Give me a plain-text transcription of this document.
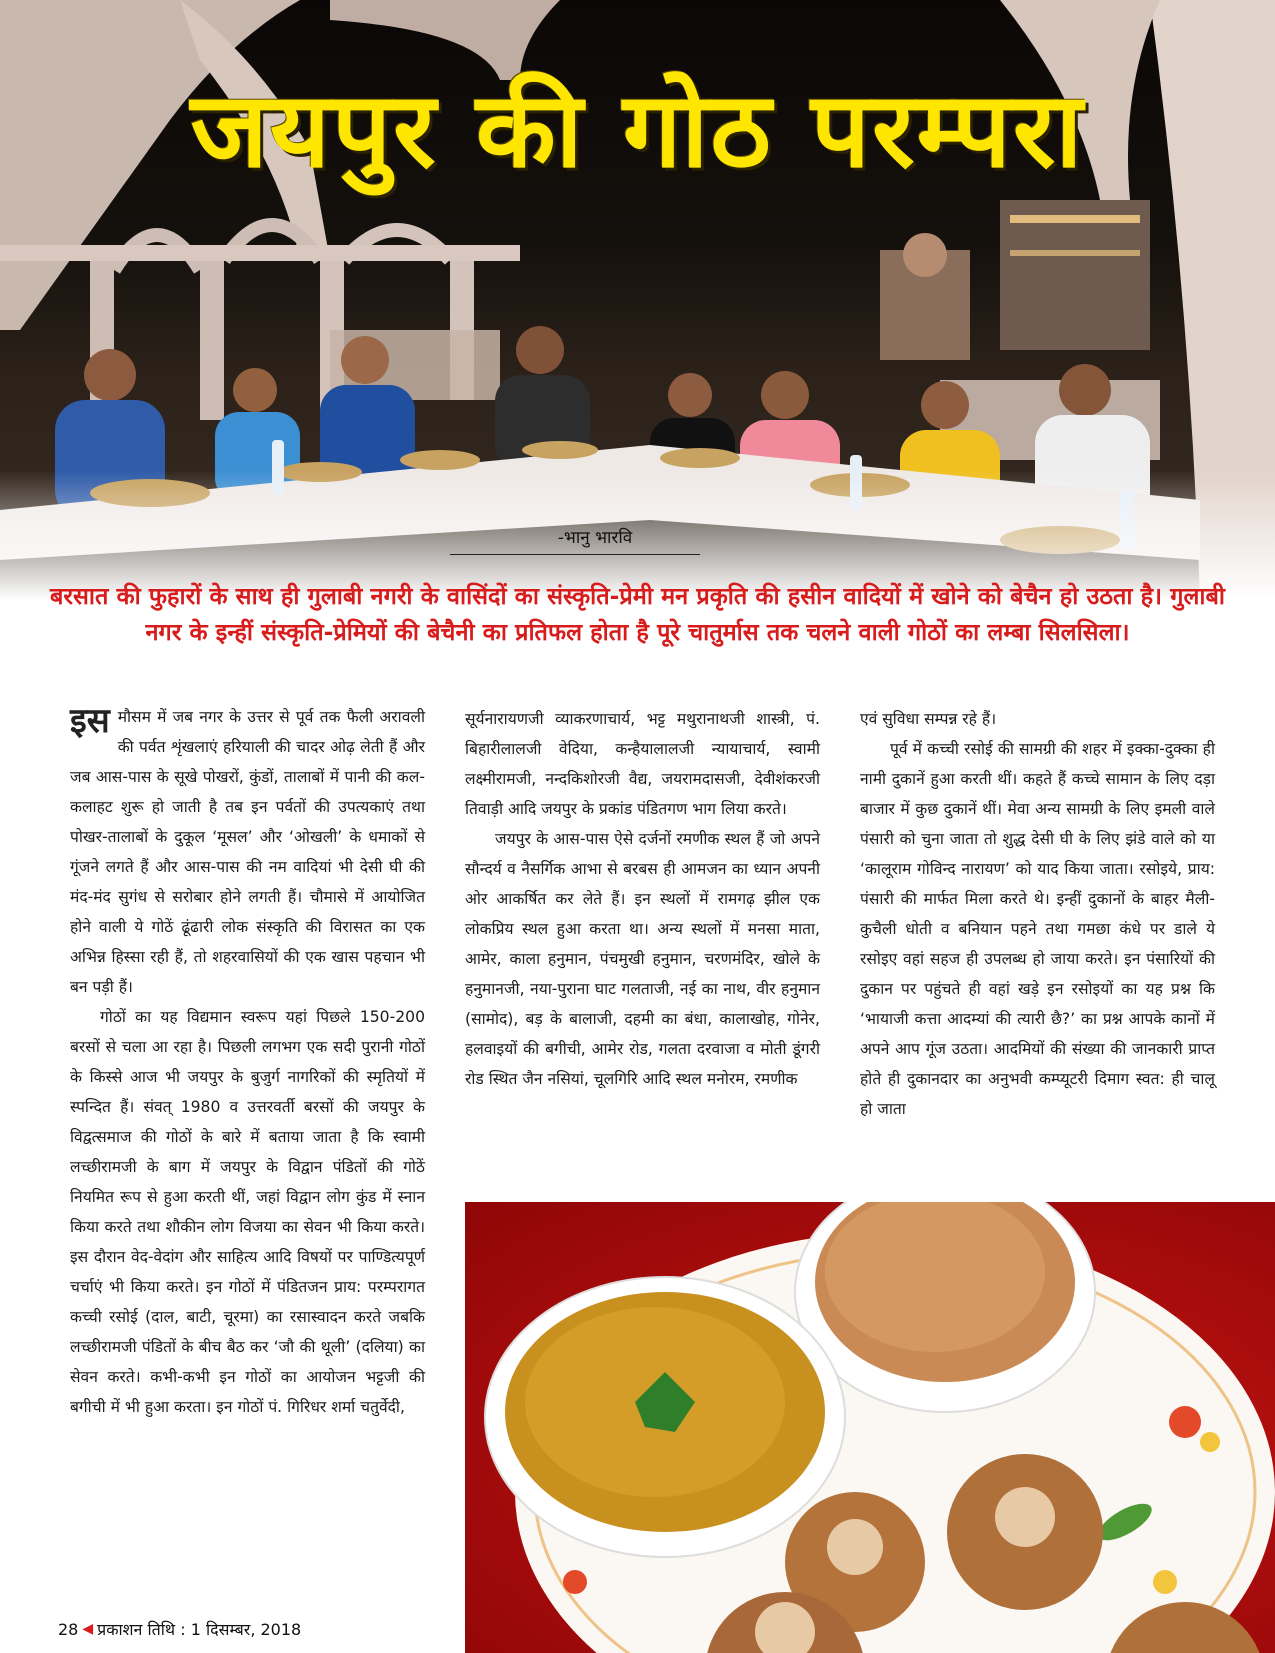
जयपुर की गोठ परम्परा
-भानु भारवि

बरसात की फुहारों के साथ ही गुलाबी नगरी के वासिंदों का संस्कृति-प्रेमी मन प्रकृति की हसीन वादियों में खोने को बेचैन हो उठता है। गुलाबी नगर के इन्हीं संस्कृति-प्रेमियों की बेचैनी का प्रतिफल होता है पूरे चातुर्मास तक चलने वाली गोठों का लम्बा सिलसिला।

इस मौसम में जब नगर के उत्तर से पूर्व तक फैली अरावली की पर्वत शृंखलाएं हरियाली की चादर ओढ़ लेती हैं और जब आस-पास के सूखे पोखरों, कुंडों, तालाबों में पानी की कल-कलाहट शुरू हो जाती है तब इन पर्वतों की उपत्यकाएं तथा पोखर-तालाबों के दुकूल ‘मूसल’ और ‘ओखली’ के धमाकों से गूंजने लगते हैं और आस-पास की नम वादियां भी देसी घी की मंद-मंद सुगंध से सरोबार होने लगती हैं। चौमासे में आयोजित होने वाली ये गोठें ढूंढारी लोक संस्कृति की विरासत का एक अभिन्न हिस्सा रही हैं, तो शहरवासियों की एक खास पहचान भी बन पड़ी हैं।

गोठों का यह विद्यमान स्वरूप यहां पिछले 150-200 बरसों से चला आ रहा है। पिछली लगभग एक सदी पुरानी गोठों के किस्से आज भी जयपुर के बुजुर्ग नागरिकों की स्मृतियों में स्पन्दित हैं। संवत् 1980 व उत्तरवर्ती बरसों की जयपुर के विद्वत्समाज की गोठों के बारे में बताया जाता है कि स्वामी लच्छीरामजी के बाग में जयपुर के विद्वान पंडितों की गोठें नियमित रूप से हुआ करती थीं, जहां विद्वान लोग कुंड में स्नान किया करते तथा शौकीन लोग विजया का सेवन भी किया करते। इस दौरान वेद-वेदांग और साहित्य आदि विषयों पर पाण्डित्यपूर्ण चर्चाएं भी किया करते। इन गोठों में पंडितजन प्राय: परम्परागत कच्ची रसोई (दाल, बाटी, चूरमा) का रसास्वादन करते जबकि लच्छीरामजी पंडितों के बीच बैठ कर ‘जौ की थूली’ (दलिया) का सेवन करते। कभी-कभी इन गोठों का आयोजन भट्टजी की बगीची में भी हुआ करता। इन गोठों पं. गिरिधर शर्मा चतुर्वेदी,

सूर्यनारायणजी व्याकरणाचार्य, भट्ट मथुरानाथजी शास्त्री, पं. बिहारीलालजी वेदिया, कन्हैयालालजी न्यायाचार्य, स्वामी लक्ष्मीरामजी, नन्दकिशोरजी वैद्य, जयरामदासजी, देवीशंकरजी तिवाड़ी आदि जयपुर के प्रकांड पंडितगण भाग लिया करते।

जयपुर के आस-पास ऐसे दर्जनों रमणीक स्थल हैं जो अपने सौन्दर्य व नैसर्गिक आभा से बरबस ही आमजन का ध्यान अपनी ओर आकर्षित कर लेते हैं। इन स्थलों में रामगढ़ झील एक लोकप्रिय स्थल हुआ करता था। अन्य स्थलों में मनसा माता, आमेर, काला हनुमान, पंचमुखी हनुमान, चरणमंदिर, खोले के हनुमानजी, नया-पुराना घाट गलताजी, नई का नाथ, वीर हनुमान (सामोद), बड़ के बालाजी, दहमी का बंधा, कालाखोह, गोनेर, हलवाइयों की बगीची, आमेर रोड, गलता दरवाजा व मोती डूंगरी रोड स्थित जैन नसियां, चूलगिरि आदि स्थल मनोरम, रमणीक

एवं सुविधा सम्पन्न रहे हैं।

पूर्व में कच्ची रसोई की सामग्री की शहर में इक्का-दुक्का ही नामी दुकानें हुआ करती थीं। कहते हैं कच्चे सामान के लिए दड़ा बाजार में कुछ दुकानें थीं। मेवा अन्य सामग्री के लिए इमली वाले पंसारी को चुना जाता तो शुद्ध देसी घी के लिए झंडे वाले को या ‘कालूराम गोविन्द नारायण’ को याद किया जाता। रसोइये, प्राय: पंसारी की मार्फत मिला करते थे। इन्हीं दुकानों के बाहर मैली-कुचैली धोती व बनियान पहने तथा गमछा कंधे पर डाले ये रसोइए वहां सहज ही उपलब्ध हो जाया करते। इन पंसारियों की दुकान पर पहुंचते ही वहां खड़े इन रसोइयों का यह प्रश्न कि ‘भायाजी कत्ता आदम्यां की त्यारी छै?’ का प्रश्न आपके कानों में अपने आप गूंज उठता। आदमियों की संख्या की जानकारी प्राप्त होते ही दुकानदार का अनुभवी कम्प्यूटरी दिमाग स्वत: ही चालू हो जाता

28 ◀ प्रकाशन तिथि : 1 दिसम्बर, 2018
